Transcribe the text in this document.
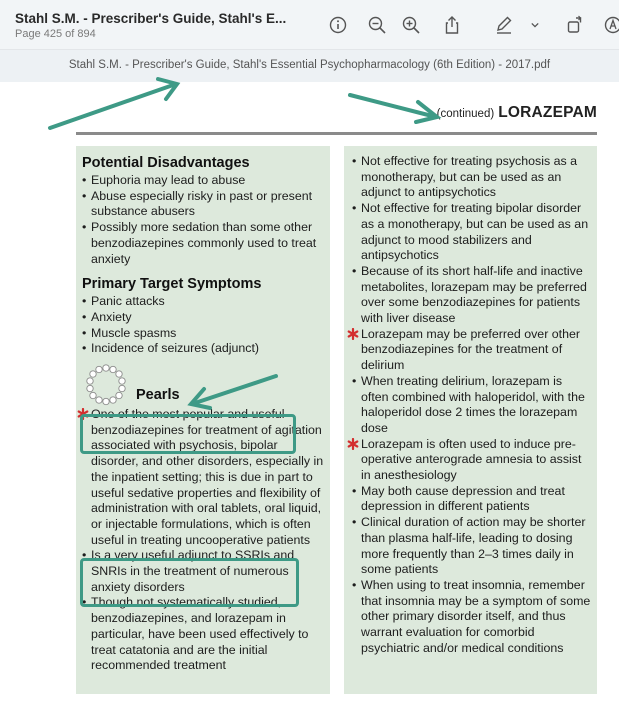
Stahl S.M. - Prescriber's Guide, Stahl's E...
Page 425 of 894
Stahl S.M. - Prescriber's Guide, Stahl's Essential Psychopharmacology (6th Edition) - 2017.pdf
(continued) LORAZEPAM
Potential Disadvantages
• Euphoria may lead to abuse
• Abuse especially risky in past or present substance abusers
• Possibly more sedation than some other benzodiazepines commonly used to treat anxiety
Primary Target Symptoms
• Panic attacks
• Anxiety
• Muscle spasms
• Incidence of seizures (adjunct)
Pearls
One of the most popular and useful benzodiazepines for treatment of agitation associated with psychosis, bipolar disorder, and other disorders, especially in the inpatient setting; this is due in part to useful sedative properties and flexibility of administration with oral tablets, oral liquid, or injectable formulations, which is often useful in treating uncooperative patients
• Is a very useful adjunct to SSRIs and SNRIs in the treatment of numerous anxiety disorders
• Though not systematically studied, benzodiazepines, and lorazepam in particular, have been used effectively to treat catatonia and are the initial recommended treatment
• Not effective for treating psychosis as a monotherapy, but can be used as an adjunct to antipsychotics
• Not effective for treating bipolar disorder as a monotherapy, but can be used as an adjunct to mood stabilizers and antipsychotics
• Because of its short half-life and inactive metabolites, lorazepam may be preferred over some benzodiazepines for patients with liver disease
Lorazepam may be preferred over other benzodiazepines for the treatment of delirium
• When treating delirium, lorazepam is often combined with haloperidol, with the haloperidol dose 2 times the lorazepam dose
Lorazepam is often used to induce pre-operative anterograde amnesia to assist in anesthesiology
• May both cause depression and treat depression in different patients
• Clinical duration of action may be shorter than plasma half-life, leading to dosing more frequently than 2–3 times daily in some patients
• When using to treat insomnia, remember that insomnia may be a symptom of some other primary disorder itself, and thus warrant evaluation for comorbid psychiatric and/or medical conditions
